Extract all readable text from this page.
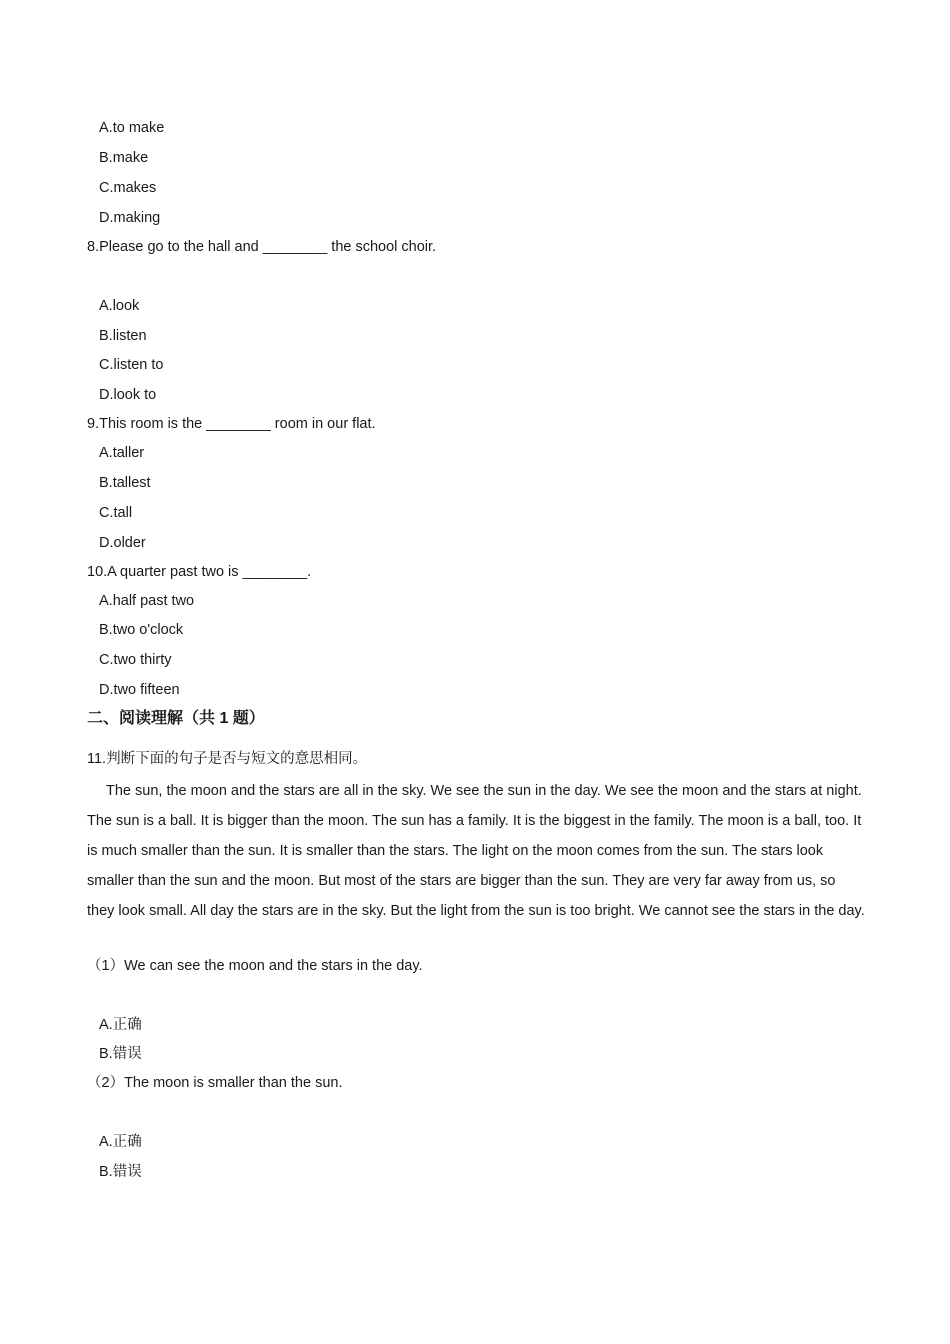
A.to make
B.make
C.makes
D.making
8.Please go to the hall and ________ the school choir.
A.look
B.listen
C.listen to
D.look to
9.This room is the ________ room in our flat.
A.taller
B.tallest
C.tall
D.older
10.A quarter past two is ________.
A.half past two
B.two o'clock
C.two thirty
D.two fifteen
二、阅读理解（共 1 题）
11.判断下面的句子是否与短文的意思相同。
The sun, the moon and the stars are all in the sky. We see the sun in the day. We see the moon and the stars at night. The sun is a ball. It is bigger than the moon. The sun has a family. It is the biggest in the family. The moon is a ball, too. It is much smaller than the sun. It is smaller than the stars. The light on the moon comes from the sun. The stars look smaller than the sun and the moon. But most of the stars are bigger than the sun. They are very far away from us, so they look small. All day the stars are in the sky. But the light from the sun is too bright. We cannot see the stars in the day.
（1）We can see the moon and the stars in the day.
A.正确
B.错误
（2）The moon is smaller than the sun.
A.正确
B.错误
